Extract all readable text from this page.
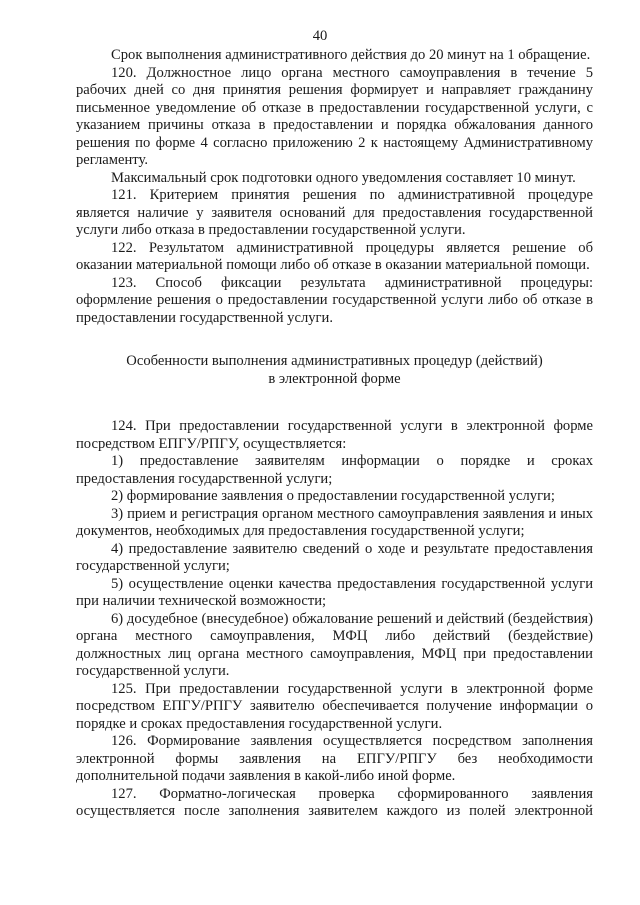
40

Срок выполнения административного действия до 20 минут на 1 обращение.

120. Должностное лицо органа местного самоуправления в течение 5 рабочих дней со дня принятия решения формирует и направляет гражданину письменное уведомление об отказе в предоставлении государственной услуги, с указанием причины отказа в предоставлении и порядка обжалования данного решения по форме 4 согласно приложению 2 к настоящему Административному регламенту.

Максимальный срок подготовки одного уведомления составляет 10 минут.

121. Критерием принятия решения по административной процедуре является наличие у заявителя оснований для предоставления государственной услуги либо отказа в предоставлении государственной услуги.

122. Результатом административной процедуры является решение об оказании материальной помощи либо об отказе в оказании материальной помощи.

123. Способ фиксации результата административной процедуры: оформление решения о предоставлении государственной услуги либо об отказе в предоставлении государственной услуги.

Особенности выполнения административных процедур (действий)
в электронной форме

124. При предоставлении государственной услуги в электронной форме посредством ЕПГУ/РПГУ, осуществляется:

1) предоставление заявителям информации о порядке и сроках предоставления государственной услуги;

2) формирование заявления о предоставлении государственной услуги;

3) прием и регистрация органом местного самоуправления заявления и иных документов, необходимых для предоставления государственной услуги;

4) предоставление заявителю сведений о ходе и результате предоставления государственной услуги;

5) осуществление оценки качества предоставления государственной услуги при наличии технической возможности;

6) досудебное (внесудебное) обжалование решений и действий (бездействия) органа местного самоуправления, МФЦ либо действий (бездействие) должностных лиц органа местного самоуправления, МФЦ при предоставлении государственной услуги.

125. При предоставлении государственной услуги в электронной форме посредством ЕПГУ/РПГУ заявителю обеспечивается получение информации о порядке и сроках предоставления государственной услуги.

126. Формирование заявления осуществляется посредством заполнения электронной формы заявления на ЕПГУ/РПГУ без необходимости дополнительной подачи заявления в какой-либо иной форме.

127. Форматно-логическая проверка сформированного заявления осуществляется после заполнения заявителем каждого из полей электронной
